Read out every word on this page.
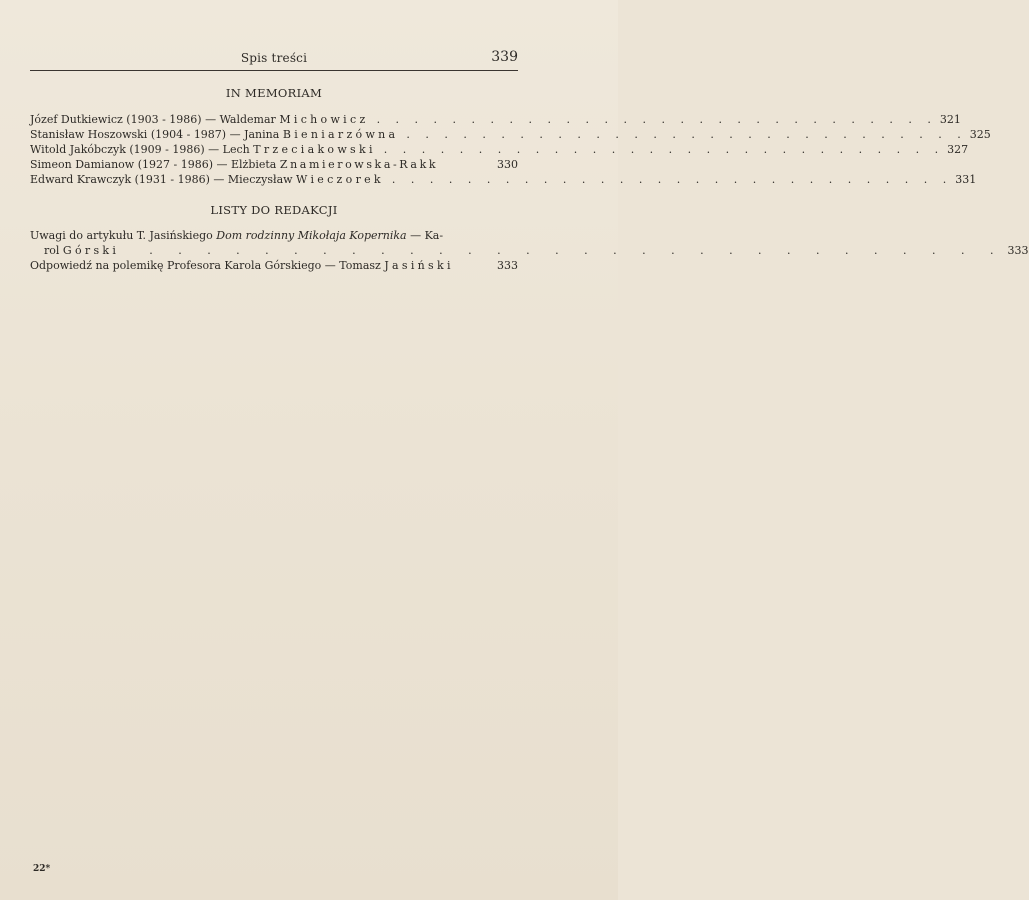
Spis treści	339
IN MEMORIAM
Józef Dutkiewicz (1903 - 1986) — Waldemar Michowicz . . . . . . . . . . . . . . . . . . . . . . . . . . . . . . 321
Stanisław Hoszowski (1904 - 1987) — Janina Bieniarzówna . . . . . . . . . . . . . . . . . . . . . . . . . . . . . . 325
Witold Jakóbczyk (1909 - 1986) — Lech Trzeciakowski . . . . . . . . . . . . . . . . . . . . . . . . . . . . . . 327
Simeon Damianow (1927 - 1986) — Elżbieta Znamierowska-Rakk	330
Edward Krawczyk (1931 - 1986) — Mieczysław Wieczorek . . . . . . . . . . . . . . . . . . . . . . . . . . . . . . 331
LISTY DO REDAKCJI
Uwagi do artykułu T. Jasińskiego Dom rodzinny Mikołaja Kopernika — Ka-
rol Górski	. . . . . . . . . . . . . . . . . . . . . . . . . . . . . . 333
Odpowiedź na polemikę Profesora Karola Górskiego — Tomasz Jasiński	333
22*
